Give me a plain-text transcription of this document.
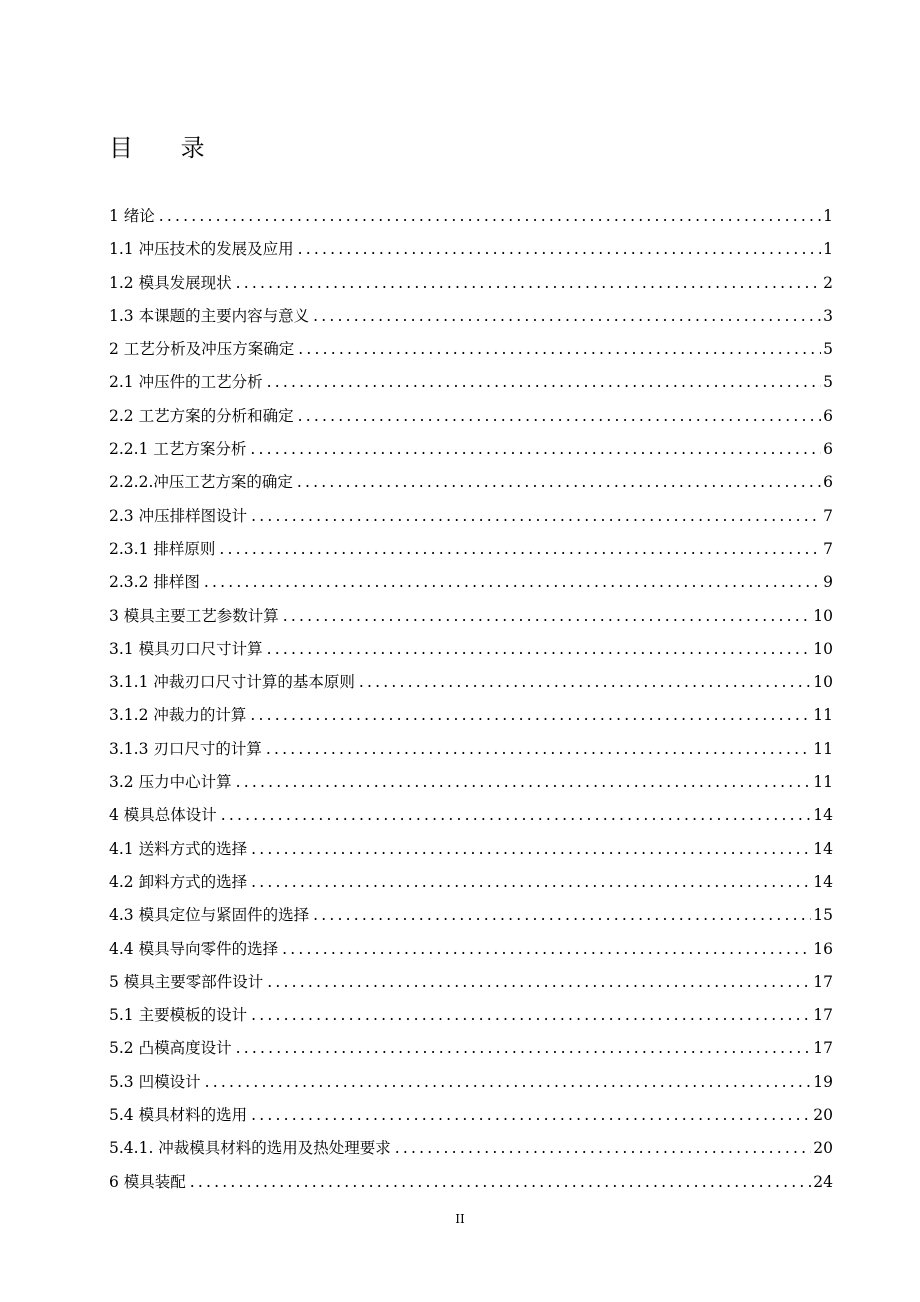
目 录
1 绪论 .....	1
1.1 冲压技术的发展及应用 .....	1
1.2 模具发展现状 .....	2
1.3 本课题的主要内容与意义 .....	3
2 工艺分析及冲压方案确定 .....	5
2.1 冲压件的工艺分析 .....	5
2.2 工艺方案的分析和确定 .....	6
2.2.1 工艺方案分析 .....	6
2.2.2.冲压工艺方案的确定 .....	6
2.3 冲压排样图设计 .....	7
2.3.1 排样原则 .....	7
2.3.2 排样图 .....	9
3 模具主要工艺参数计算 .....	10
3.1 模具刃口尺寸计算 .....	10
3.1.1 冲裁刃口尺寸计算的基本原则 .....	10
3.1.2 冲裁力的计算 .....	11
3.1.3 刃口尺寸的计算 .....	11
3.2 压力中心计算 .....	11
4 模具总体设计 .....	14
4.1 送料方式的选择 .....	14
4.2 卸料方式的选择 .....	14
4.3 模具定位与紧固件的选择 .....	15
4.4 模具导向零件的选择 .....	16
5 模具主要零部件设计 .....	17
5.1 主要模板的设计 .....	17
5.2 凸模高度设计 .....	17
5.3 凹模设计 .....	19
5.4 模具材料的选用 .....	20
5.4.1. 冲裁模具材料的选用及热处理要求 .....	20
6 模具装配 .....	24
II
